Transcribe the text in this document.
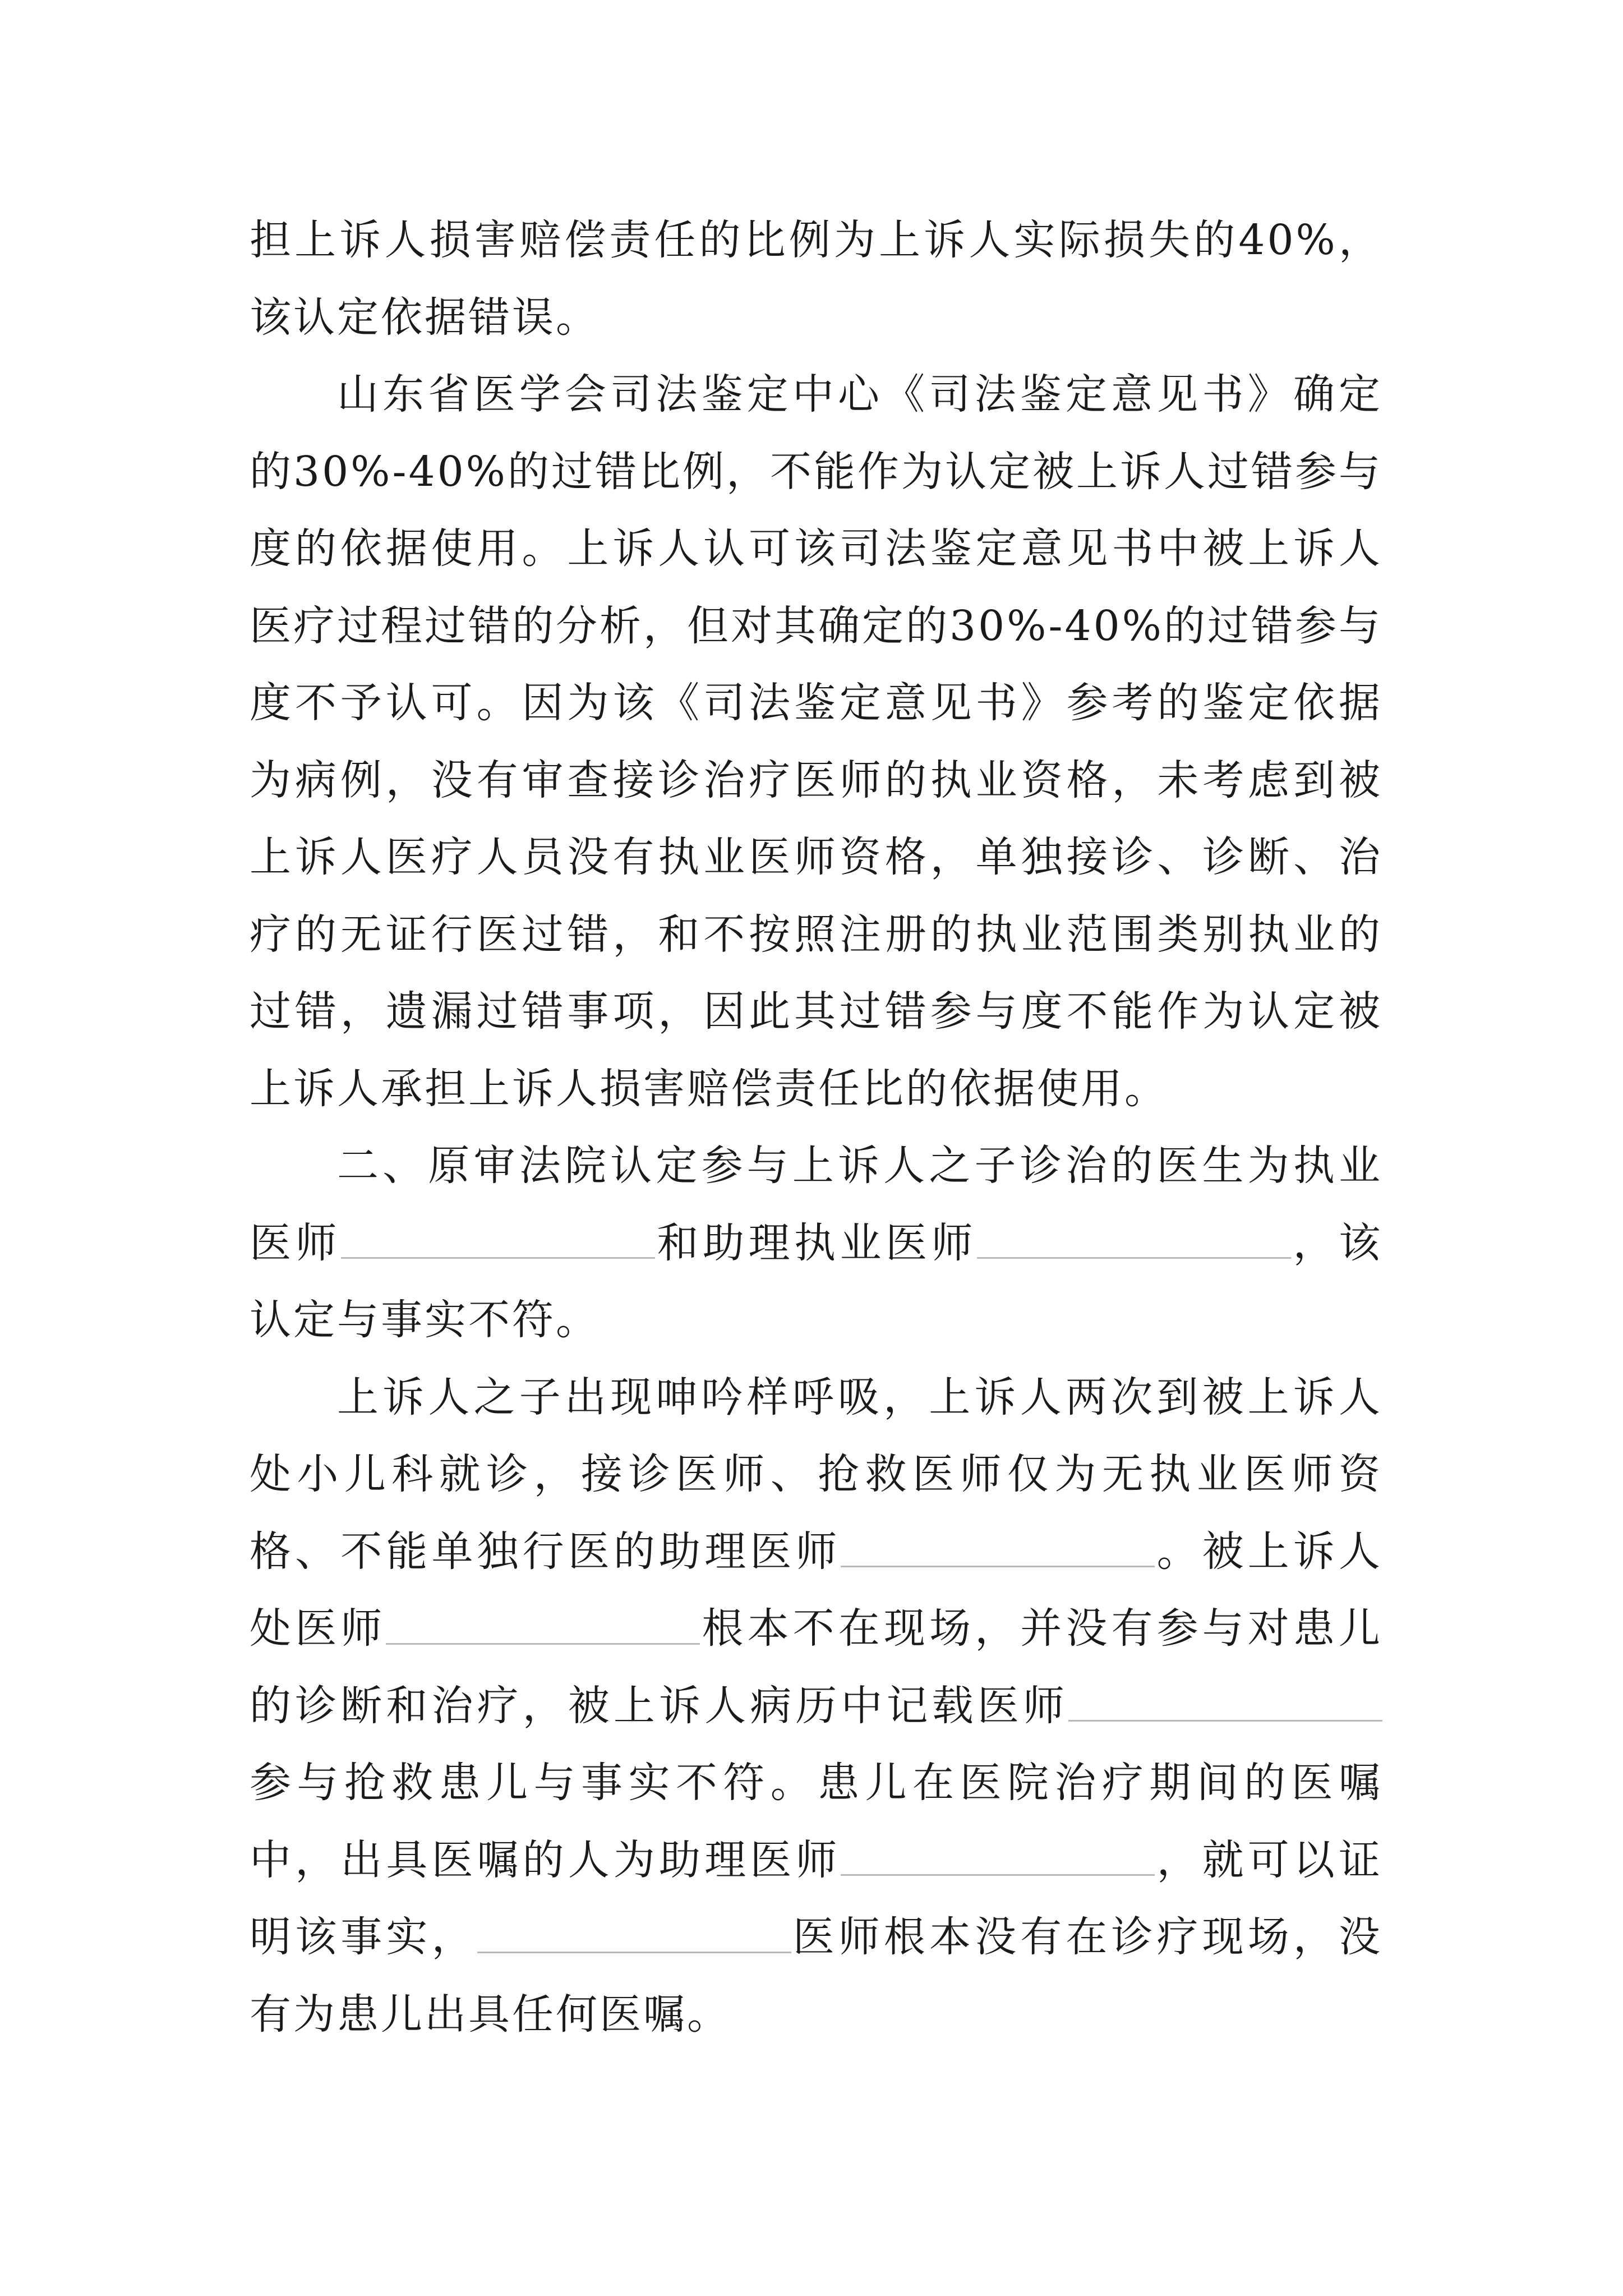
担上诉人损害赔偿责任的比例为上诉人实际损失的40%，该认定依据错误。

山东省医学会司法鉴定中心《司法鉴定意见书》确定的30%-40%的过错比例，不能作为认定被上诉人过错参与度的依据使用。上诉人认可该司法鉴定意见书中被上诉人医疗过程过错的分析，但对其确定的30%-40%的过错参与度不予认可。因为该《司法鉴定意见书》参考的鉴定依据为病例，没有审查接诊治疗医师的执业资格，未考虑到被上诉人医疗人员没有执业医师资格，单独接诊、诊断、治疗的无证行医过错，和不按照注册的执业范围类别执业的过错，遗漏过错事项，因此其过错参与度不能作为认定被上诉人承担上诉人损害赔偿责任比的依据使用。

二、原审法院认定参与上诉人之子诊治的医生为执业医师	和助理执业医师	，该认定与事实不符。

上诉人之子出现呻吟样呼吸，上诉人两次到被上诉人处小儿科就诊，接诊医师、抢救医师仅为无执业医师资格、不能单独行医的助理医师	。被上诉人处医师	根本不在现场，并没有参与对患儿的诊断和治疗，被上诉人病历中记载医师参与抢救患儿与事实不符。患儿在医院治疗期间的医嘱中，出具医嘱的人为助理医师	，就可以证明该事实，	医师根本没有在诊疗现场，没有为患儿出具任何医嘱。
